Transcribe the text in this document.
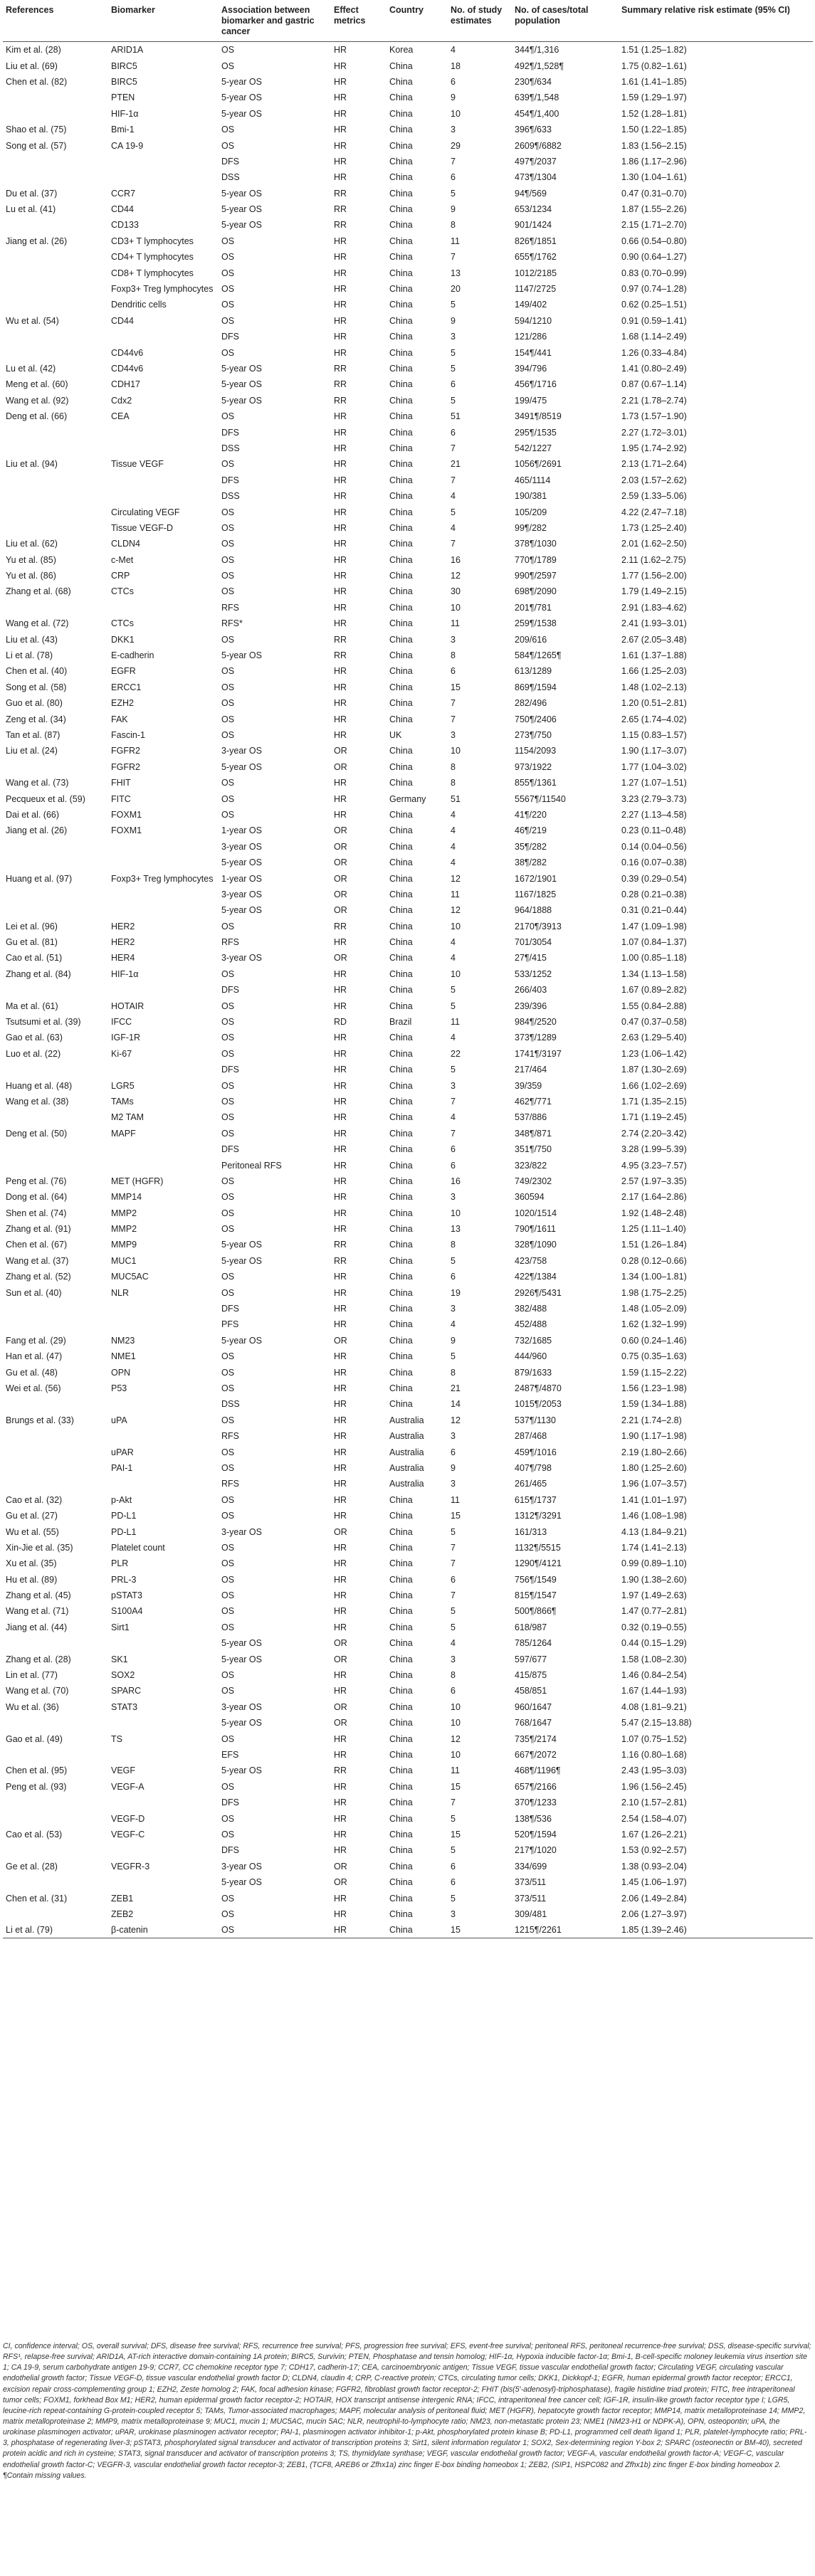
References	Biomarker	Association between biomarker and gastric cancer	Effect metrics	Country	No. of study estimates	No. of cases/total population	Summary relative risk estimate (95% CI)
Kim et al. (28)	ARID1A	OS	HR	Korea	4	344¶/1,316	1.51 (1.25–1.82)
Liu et al. (69)	BIRC5	OS	HR	China	18	492¶/1,528¶	1.75 (0.82–1.61)
Chen et al. (82)	BIRC5	5-year OS	HR	China	6	230¶/634	1.61 (1.41–1.85)
	PTEN	5-year OS	HR	China	9	639¶/1,548	1.59 (1.29–1.97)
	HIF-1α	5-year OS	HR	China	10	454¶/1,400	1.52 (1.28–1.81)
Shao et al. (75)	Bmi-1	OS	HR	China	3	396¶/633	1.50 (1.22–1.85)
Song et al. (57)	CA 19-9	OS	HR	China	29	2609¶/6882	1.83 (1.56–2.15)
		DFS	HR	China	7	497¶/2037	1.86 (1.17–2.96)
		DSS	HR	China	6	473¶/1304	1.30 (1.04–1.61)
Du et al. (37)	CCR7	5-year OS	RR	China	5	94¶/569	0.47 (0.31–0.70)
Lu et al. (41)	CD44	5-year OS	RR	China	9	653/1234	1.87 (1.55–2.26)
	CD133	5-year OS	RR	China	8	901/1424	2.15 (1.71–2.70)
Jiang et al. (26)	CD3+ T lymphocytes	OS	HR	China	11	826¶/1851	0.66 (0.54–0.80)
	CD4+ T lymphocytes	OS	HR	China	7	655¶/1762	0.90 (0.64–1.27)
	CD8+ T lymphocytes	OS	HR	China	13	1012/2185	0.83 (0.70–0.99)
	Foxp3+ Treg lymphocytes	OS	HR	China	20	1147/2725	0.97 (0.74–1.28)
	Dendritic cells	OS	HR	China	5	149/402	0.62 (0.25–1.51)
Wu et al. (54)	CD44	OS	HR	China	9	594/1210	0.91 (0.59–1.41)
		DFS	HR	China	3	121/286	1.68 (1.14–2.49)
	CD44v6	OS	HR	China	5	154¶/441	1.26 (0.33–4.84)
Lu et al. (42)	CD44v6	5-year OS	RR	China	5	394/796	1.41 (0.80–2.49)
Meng et al. (60)	CDH17	5-year OS	RR	China	6	456¶/1716	0.87 (0.67–1.14)
Wang et al. (92)	Cdx2	5-year OS	RR	China	5	199/475	2.21 (1.78–2.74)
Deng et al. (66)	CEA	OS	HR	China	51	3491¶/8519	1.73 (1.57–1.90)
		DFS	HR	China	6	295¶/1535	2.27 (1.72–3.01)
		DSS	HR	China	7	542/1227	1.95 (1.74–2.92)
Liu et al. (94)	Tissue VEGF	OS	HR	China	21	1056¶/2691	2.13 (1.71–2.64)
		DFS	HR	China	7	465/1114	2.03 (1.57–2.62)
		DSS	HR	China	4	190/381	2.59 (1.33–5.06)
	Circulating VEGF	OS	HR	China	5	105/209	4.22 (2.47–7.18)
	Tissue VEGF-D	OS	HR	China	4	99¶/282	1.73 (1.25–2.40)
Liu et al. (62)	CLDN4	OS	HR	China	7	378¶/1030	2.01 (1.62–2.50)
Yu et al. (85)	c-Met	OS	HR	China	16	770¶/1789	2.11 (1.62–2.75)
Yu et al. (86)	CRP	OS	HR	China	12	990¶/2597	1.77 (1.56–2.00)
Zhang et al. (68)	CTCs	OS	HR	China	30	698¶/2090	1.79 (1.49–2.15)
		RFS	HR	China	10	201¶/781	2.91 (1.83–4.62)
Wang et al. (72)	CTCs	RFS*	HR	China	11	259¶/1538	2.41 (1.93–3.01)
Liu et al. (43)	DKK1	OS	RR	China	3	209/616	2.67 (2.05–3.48)
Li et al. (78)	E-cadherin	5-year OS	RR	China	8	584¶/1265¶	1.61 (1.37–1.88)
Chen et al. (40)	EGFR	OS	HR	China	6	613/1289	1.66 (1.25–2.03)
Song et al. (58)	ERCC1	OS	HR	China	15	869¶/1594	1.48 (1.02–2.13)
Guo et al. (80)	EZH2	OS	HR	China	7	282/496	1.20 (0.51–2.81)
Zeng et al. (34)	FAK	OS	HR	China	7	750¶/2406	2.65 (1.74–4.02)
Tan et al. (87)	Fascin-1	OS	HR	UK	3	273¶/750	1.15 (0.83–1.57)
Liu et al. (24)	FGFR2	3-year OS	OR	China	10	1154/2093	1.90 (1.17–3.07)
	FGFR2	5-year OS	OR	China	8	973/1922	1.77 (1.04–3.02)
Wang et al. (73)	FHIT	OS	HR	China	8	855¶/1361	1.27 (1.07–1.51)
Pecqueux et al. (59)	FITC	OS	HR	Germany	51	5567¶/11540	3.23 (2.79–3.73)
Dai et al. (66)	FOXM1	OS	HR	China	4	41¶/220	2.27 (1.13–4.58)
Jiang et al. (26)	FOXM1	1-year OS	OR	China	4	46¶/219	0.23 (0.11–0.48)
		3-year OS	OR	China	4	35¶/282	0.14 (0.04–0.56)
		5-year OS	OR	China	4	38¶/282	0.16 (0.07–0.38)
Huang et al. (97)	Foxp3+ Treg lymphocytes	1-year OS	OR	China	12	1672/1901	0.39 (0.29–0.54)
		3-year OS	OR	China	11	1167/1825	0.28 (0.21–0.38)
		5-year OS	OR	China	12	964/1888	0.31 (0.21–0.44)
Lei et al. (96)	HER2	OS	RR	China	10	2170¶/3913	1.47 (1.09–1.98)
Gu et al. (81)	HER2	RFS	HR	China	4	701/3054	1.07 (0.84–1.37)
Cao et al. (51)	HER4	3-year OS	OR	China	4	27¶/415	1.00 (0.85–1.18)
Zhang et al. (84)	HIF-1α	OS	HR	China	10	533/1252	1.34 (1.13–1.58)
		DFS	HR	China	5	266/403	1.67 (0.89–2.82)
Ma et al. (61)	HOTAIR	OS	HR	China	5	239/396	1.55 (0.84–2.88)
Tsutsumi et al. (39)	IFCC	OS	RD	Brazil	11	984¶/2520	0.47 (0.37–0.58)
Gao et al. (63)	IGF-1R	OS	HR	China	4	373¶/1289	2.63 (1.29–5.40)
Luo et al. (22)	Ki-67	OS	HR	China	22	1741¶/3197	1.23 (1.06–1.42)
		DFS	HR	China	5	217/464	1.87 (1.30–2.69)
Huang et al. (48)	LGR5	OS	HR	China	3	39/359	1.66 (1.02–2.69)
Wang et al. (38)	TAMs	OS	HR	China	7	462¶/771	1.71 (1.35–2.15)
	M2 TAM	OS	HR	China	4	537/886	1.71 (1.19–2.45)
Deng et al. (50)	MAPF	OS	HR	China	7	348¶/871	2.74 (2.20–3.42)
		DFS	HR	China	6	351¶/750	3.28 (1.99–5.39)
		Peritoneal RFS	HR	China	6	323/822	4.95 (3.23–7.57)
Peng et al. (76)	MET (HGFR)	OS	HR	China	16	749/2302	2.57 (1.97–3.35)
Dong et al. (64)	MMP14	OS	HR	China	3	360594	2.17 (1.64–2.86)
Shen et al. (74)	MMP2	OS	HR	China	10	1020/1514	1.92 (1.48–2.48)
Zhang et al. (91)	MMP2	OS	HR	China	13	790¶/1611	1.25 (1.11–1.40)
Chen et al. (67)	MMP9	5-year OS	RR	China	8	328¶/1090	1.51 (1.26–1.84)
Wang et al. (37)	MUC1	5-year OS	RR	China	5	423/758	0.28 (0.12–0.66)
Zhang et al. (52)	MUC5AC	OS	HR	China	6	422¶/1384	1.34 (1.00–1.81)
Sun et al. (40)	NLR	OS	HR	China	19	2926¶/5431	1.98 (1.75–2.25)
		DFS	HR	China	3	382/488	1.48 (1.05–2.09)
		PFS	HR	China	4	452/488	1.62 (1.32–1.99)
Fang et al. (29)	NM23	5-year OS	OR	China	9	732/1685	0.60 (0.24–1.46)
Han et al. (47)	NME1	OS	HR	China	5	444/960	0.75 (0.35–1.63)
Gu et al. (48)	OPN	OS	HR	China	8	879/1633	1.59 (1.15–2.22)
Wei et al. (56)	P53	OS	HR	China	21	2487¶/4870	1.56 (1.23–1.98)
		DSS	HR	China	14	1015¶/2053	1.59 (1.34–1.88)
Brungs et al. (33)	uPA	OS	HR	Australia	12	537¶/1130	2.21 (1.74–2.8)
		RFS	HR	Australia	3	287/468	1.90 (1.17–1.98)
	uPAR	OS	HR	Australia	6	459¶/1016	2.19 (1.80–2.66)
	PAI-1	OS	HR	Australia	9	407¶/798	1.80 (1.25–2.60)
		RFS	HR	Australia	3	261/465	1.96 (1.07–3.57)
Cao et al. (32)	p-Akt	OS	HR	China	11	615¶/1737	1.41 (1.01–1.97)
Gu et al. (27)	PD-L1	OS	HR	China	15	1312¶/3291	1.46 (1.08–1.98)
Wu et al. (55)	PD-L1	3-year OS	OR	China	5	161/313	4.13 (1.84–9.21)
Xin-Jie et al. (35)	Platelet count	OS	HR	China	7	1132¶/5515	1.74 (1.41–2.13)
Xu et al. (35)	PLR	OS	HR	China	7	1290¶/4121	0.99 (0.89–1.10)
Hu et al. (89)	PRL-3	OS	HR	China	6	756¶/1549	1.90 (1.38–2.60)
Zhang et al. (45)	pSTAT3	OS	HR	China	7	815¶/1547	1.97 (1.49–2.63)
Wang et al. (71)	S100A4	OS	HR	China	5	500¶/866¶	1.47 (0.77–2.81)
Jiang et al. (44)	Sirt1	OS	HR	China	5	618/987	0.32 (0.19–0.55)
		5-year OS	OR	China	4	785/1264	0.44 (0.15–1.29)
Zhang et al. (28)	SK1	5-year OS	OR	China	3	597/677	1.58 (1.08–2.30)
Lin et al. (77)	SOX2	OS	HR	China	8	415/875	1.46 (0.84–2.54)
Wang et al. (70)	SPARC	OS	HR	China	6	458/851	1.67 (1.44–1.93)
Wu et al. (36)	STAT3	3-year OS	OR	China	10	960/1647	4.08 (1.81–9.21)
		5-year OS	OR	China	10	768/1647	5.47 (2.15–13.88)
Gao et al. (49)	TS	OS	HR	China	12	735¶/2174	1.07 (0.75–1.52)
		EFS	HR	China	10	667¶/2072	1.16 (0.80–1.68)
Chen et al. (95)	VEGF	5-year OS	RR	China	11	468¶/1196¶	2.43 (1.95–3.03)
Peng et al. (93)	VEGF-A	OS	HR	China	15	657¶/2166	1.96 (1.56–2.45)
		DFS	HR	China	7	370¶/1233	2.10 (1.57–2.81)
	VEGF-D	OS	HR	China	5	138¶/536	2.54 (1.58–4.07)
Cao et al. (53)	VEGF-C	OS	HR	China	15	520¶/1594	1.67 (1.26–2.21)
		DFS	HR	China	5	217¶/1020	1.53 (0.92–2.57)
Ge et al. (28)	VEGFR-3	3-year OS	OR	China	6	334/699	1.38 (0.93–2.04)
		5-year OS	OR	China	6	373/511	1.45 (1.06–1.97)
Chen et al. (31)	ZEB1	OS	HR	China	5	373/511	2.06 (1.49–2.84)
	ZEB2	OS	HR	China	3	309/481	2.06 (1.27–3.97)
Li et al. (79)	β-catenin	OS	HR	China	15	1215¶/2261	1.85 (1.39–2.46)
CI, confidence interval; OS, overall survival; DFS, disease free survival; RFS, recurrence free survival; PFS, progression free survival; EFS, event-free survival; peritoneal RFS, peritoneal recurrence-free survival; DSS, disease-specific survival; RFS¹, relapse-free survival; ARID1A, AT-rich interactive domain-containing 1A protein; BIRC5, Survivin; PTEN, Phosphatase and tensin homolog; HIF-1α, Hypoxia inducible factor-1α; Bmi-1, B-cell-specific moloney leukemia virus insertion site 1; CA 19-9, serum carbohydrate antigen 19-9; CCR7, CC chemokine receptor type 7; CDH17, cadherin-17; CEA, carcinoembryonic antigen; Tissue VEGF, tissue vascular endothelial growth factor; Circulating VEGF, circulating vascular endothelial growth factor; Tissue VEGF-D, tissue vascular endothelial growth factor D; CLDN4, claudin 4; CRP, C-reactive protein; CTCs, circulating tumor cells; DKK1, Dickkopf-1; EGFR, human epidermal growth factor receptor; ERCC1, excision repair cross-complementing group 1; EZH2, Zeste homolog 2; FAK, focal adhesion kinase; FGFR2, fibroblast growth factor receptor-2; FHIT (bis(5′-adenosyl)-triphosphatase), fragile histidine triad protein; FITC, free intraperitoneal tumor cells; FOXM1, forkhead Box M1; HER2, human epidermal growth factor receptor-2; HOTAIR, HOX transcript antisense intergenic RNA; IFCC, intraperitoneal free cancer cell; IGF-1R, insulin-like growth factor receptor type I; LGR5, leucine-rich repeat-containing G-protein-coupled receptor 5; TAMs, Tumor-associated macrophages; MAPF, molecular analysis of peritoneal fluid; MET (HGFR), hepatocyte growth factor receptor; MMP14, matrix metalloproteinase 14; MMP2, matrix metalloproteinase 2; MMP9, matrix metalloproteinase 9; MUC1, mucin 1; MUC5AC, mucin 5AC; NLR, neutrophil-to-lymphocyte ratio; NM23, non-metastatic protein 23; NME1 (NM23-H1 or NDPK-A), OPN, osteopontin; uPA, the urokinase plasminogen activator; uPAR, urokinase plasminogen activator receptor; PAI-1, plasminogen activator inhibitor-1; p-Akt, phosphorylated protein kinase B; PD-L1, programmed cell death ligand 1; PLR, platelet-lymphocyte ratio; PRL-3, phosphatase of regenerating liver-3; pSTAT3, phosphorylated signal transducer and activator of transcription proteins 3; Sirt1, silent information regulator 1; SOX2, Sex-determining region Y-box 2; SPARC (osteonectin or BM-40), secreted protein acidic and rich in cysteine; STAT3, signal transducer and activator of transcription proteins 3; TS, thymidylate synthase; VEGF, vascular endothelial growth factor; VEGF-A, vascular endothelial growth factor-A; VEGF-C, vascular endothelial growth factor-C; VEGFR-3, vascular endothelial growth factor receptor-3; ZEB1, (TCF8, AREB6 or Zfhx1a) zinc finger E-box binding homeobox 1; ZEB2, (SIP1, HSPC082 and Zfhx1b) zinc finger E-box binding homeobox 2. ¶Contain missing values.
